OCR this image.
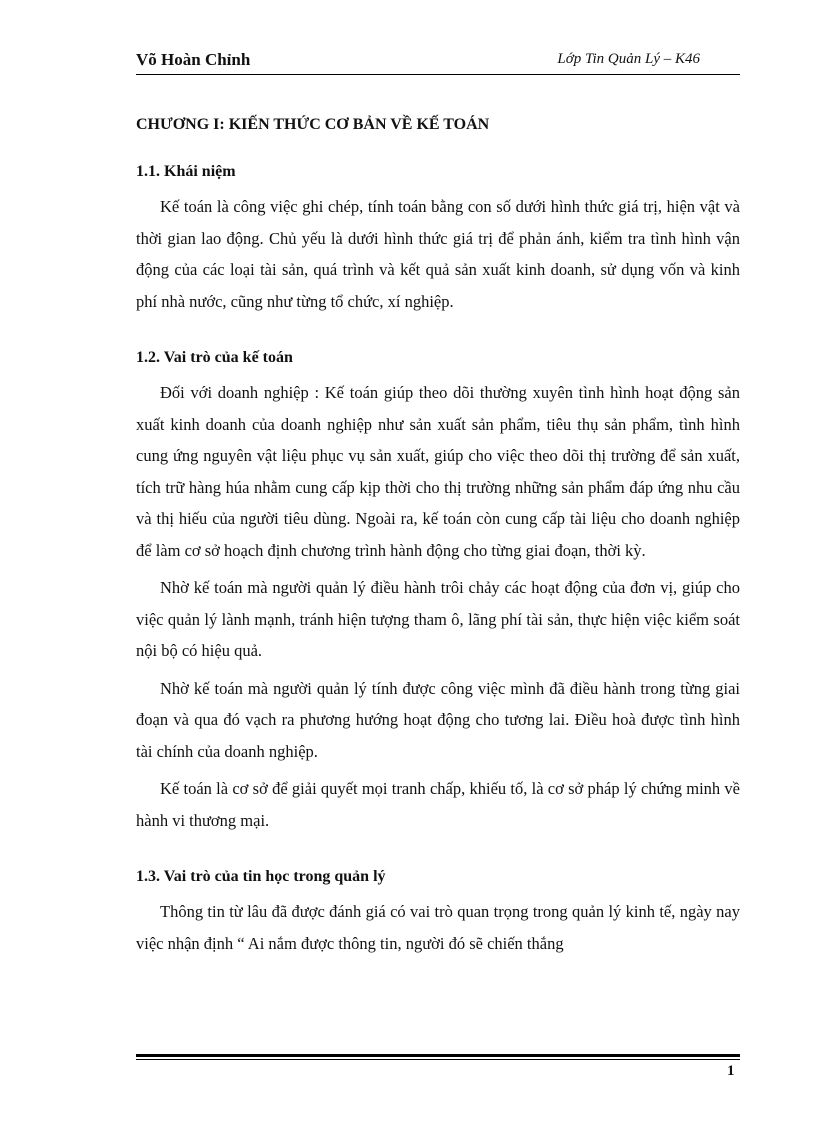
Võ Hoàn Chỉnh	Lớp Tin Quản Lý – K46
CHƯƠNG I: KIẾN THỨC CƠ BẢN VỀ KẾ TOÁN
1.1. Khái niệm

Kế toán là công việc ghi chép, tính toán bằng con số dưới hình thức giá trị, hiện vật và thời gian lao động. Chủ yếu là dưới hình thức giá trị để phản ánh, kiểm tra tình hình vận động của các loại tài sản, quá trình và kết quả sản xuất kinh doanh, sử dụng vốn và kinh phí nhà nước, cũng như từng tổ chức, xí nghiệp.

1.2. Vai trò của kế toán

Đối với doanh nghiệp : Kế toán giúp theo dõi thường xuyên tình hình hoạt động sản xuất kinh doanh của doanh nghiệp như sản xuất sản phẩm, tiêu thụ sản phẩm, tình hình cung ứng nguyên vật liệu phục vụ sản xuất, giúp cho việc theo dõi thị trường để sản xuất, tích trữ hàng húa nhằm cung cấp kịp thời cho thị trường những sản phẩm đáp ứng nhu cầu và thị hiếu của người tiêu dùng. Ngoài ra, kế toán còn cung cấp tài liệu cho doanh nghiệp để làm cơ sở hoạch định chương trình hành động cho từng giai đoạn, thời kỳ.

Nhờ kế toán mà người quản lý điều hành trôi chảy các hoạt động của đơn vị, giúp cho việc quản lý lành mạnh, tránh hiện tượng tham ô, lãng phí tài sản, thực hiện việc kiểm soát nội bộ có hiệu quả.

Nhờ kế toán mà người quản lý tính được công việc mình đã điều hành trong từng giai đoạn và qua đó vạch ra phương hướng hoạt động cho tương lai. Điều hoà được tình hình tài chính của doanh nghiệp.

Kế toán là cơ sở để giải quyết mọi tranh chấp, khiếu tố, là cơ sở pháp lý chứng minh về hành vi thương mại.

1.3. Vai trò của tin học trong quản lý

Thông tin từ lâu đã được đánh giá có vai trò quan trọng trong quản lý kinh tế, ngày nay việc nhận định “ Ai nắm được thông tin, người đó sẽ chiến thắng

1
